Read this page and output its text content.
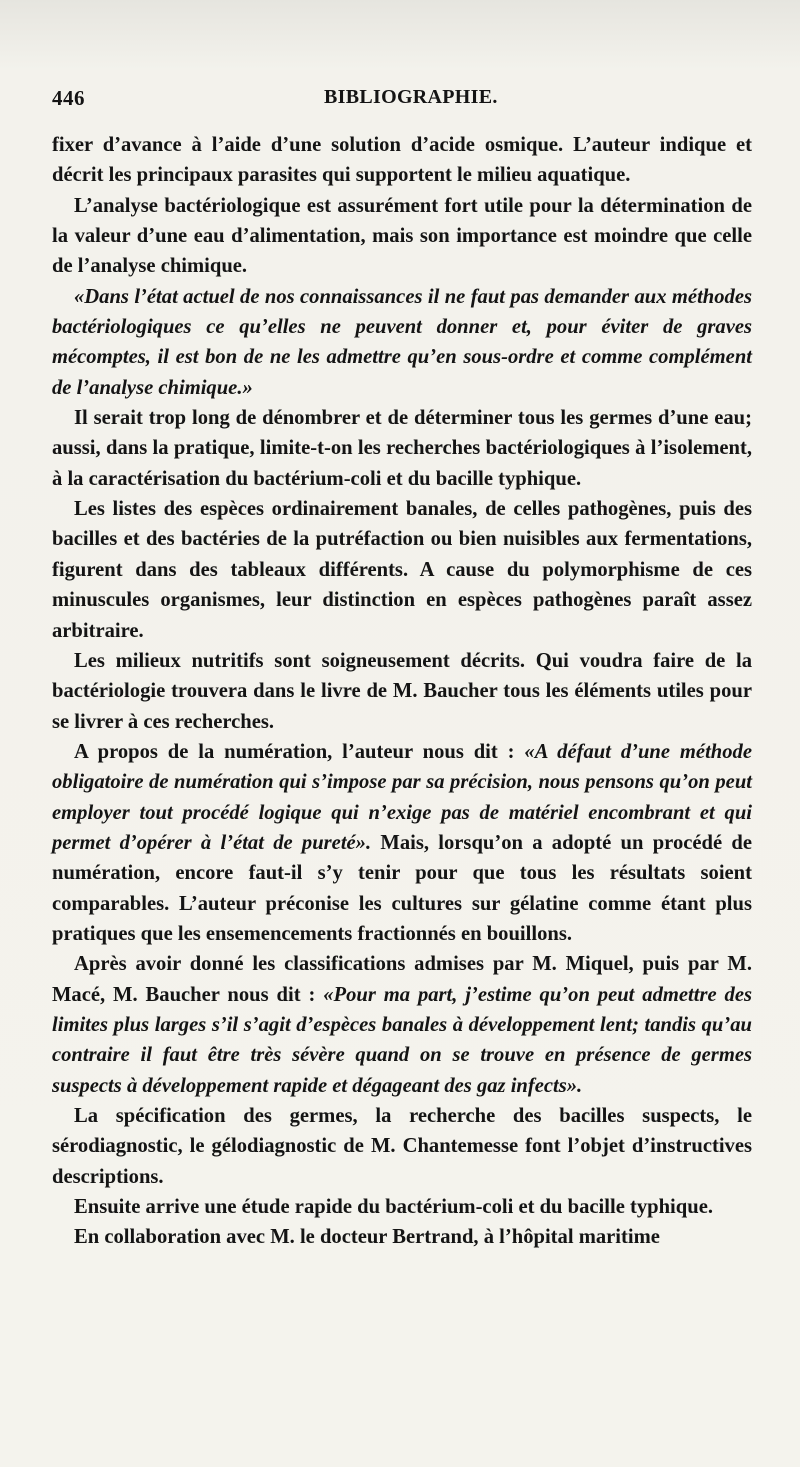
446	BIBLIOGRAPHIE.

fixer d’avance à l’aide d’une solution d’acide osmique. L’auteur indique et décrit les principaux parasites qui supportent le milieu aquatique.

L’analyse bactériologique est assurément fort utile pour la détermination de la valeur d’une eau d’alimentation, mais son importance est moindre que celle de l’analyse chimique.

«Dans l’état actuel de nos connaissances il ne faut pas demander aux méthodes bactériologiques ce qu’elles ne peuvent donner et, pour éviter de graves mécomptes, il est bon de ne les admettre qu’en sous-ordre et comme complément de l’analyse chimique.»

Il serait trop long de dénombrer et de déterminer tous les germes d’une eau; aussi, dans la pratique, limite-t-on les recherches bactériologiques à l’isolement, à la caractérisation du bactérium-coli et du bacille typhique.

Les listes des espèces ordinairement banales, de celles pathogènes, puis des bacilles et des bactéries de la putréfaction ou bien nuisibles aux fermentations, figurent dans des tableaux différents. A cause du polymorphisme de ces minuscules organismes, leur distinction en espèces pathogènes paraît assez arbitraire.

Les milieux nutritifs sont soigneusement décrits. Qui voudra faire de la bactériologie trouvera dans le livre de M. Baucher tous les éléments utiles pour se livrer à ces recherches.

A propos de la numération, l’auteur nous dit : «A défaut d’une méthode obligatoire de numération qui s’impose par sa précision, nous pensons qu’on peut employer tout procédé logique qui n’exige pas de matériel encombrant et qui permet d’opérer à l’état de pureté». Mais, lorsqu’on a adopté un procédé de numération, encore faut-il s’y tenir pour que tous les résultats soient comparables. L’auteur préconise les cultures sur gélatine comme étant plus pratiques que les ensemencements fractionnés en bouillons.

Après avoir donné les classifications admises par M. Miquel, puis par M. Macé, M. Baucher nous dit : «Pour ma part, j’estime qu’on peut admettre des limites plus larges s’il s’agit d’espèces banales à développement lent; tandis qu’au contraire il faut être très sévère quand on se trouve en présence de germes suspects à développement rapide et dégageant des gaz infects».

La spécification des germes, la recherche des bacilles suspects, le sérodiagnostic, le gélodiagnostic de M. Chantemesse font l’objet d’instructives descriptions.

Ensuite arrive une étude rapide du bactérium-coli et du bacille typhique.

En collaboration avec M. le docteur Bertrand, à l’hôpital maritime
